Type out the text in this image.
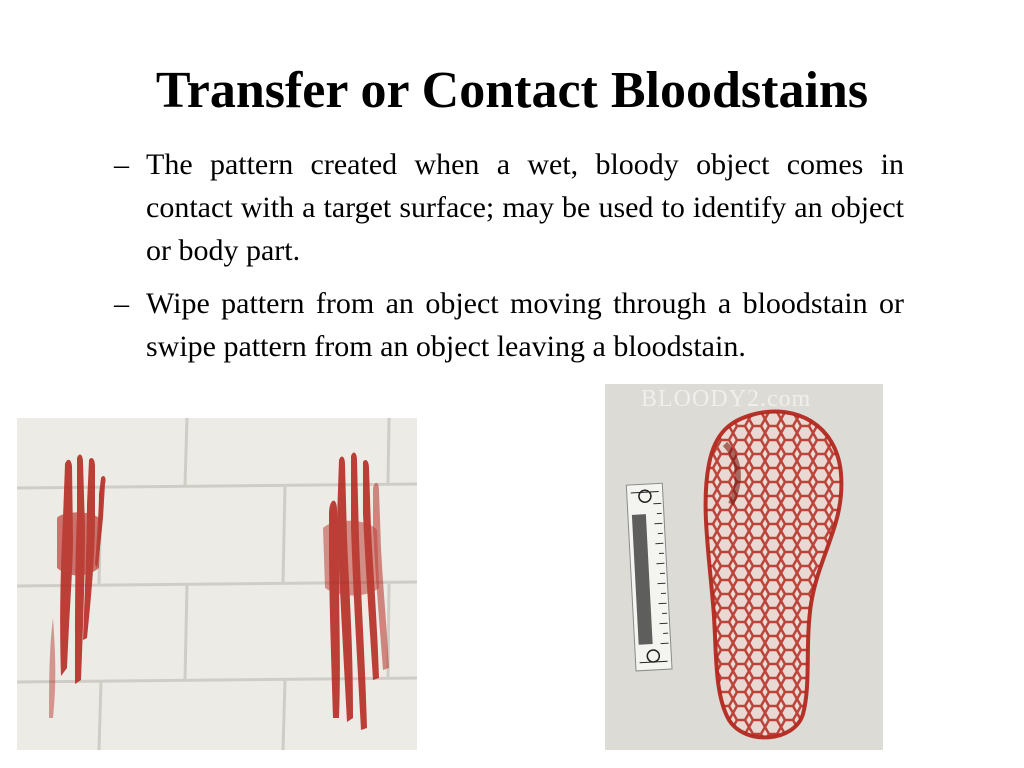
Transfer or Contact Bloodstains
– The pattern created when a wet, bloody object comes in contact with a target surface; may be used to identify an object or body part.
– Wipe pattern from an object moving through a bloodstain or swipe pattern from an object leaving a bloodstain.
BLOODY2.com
